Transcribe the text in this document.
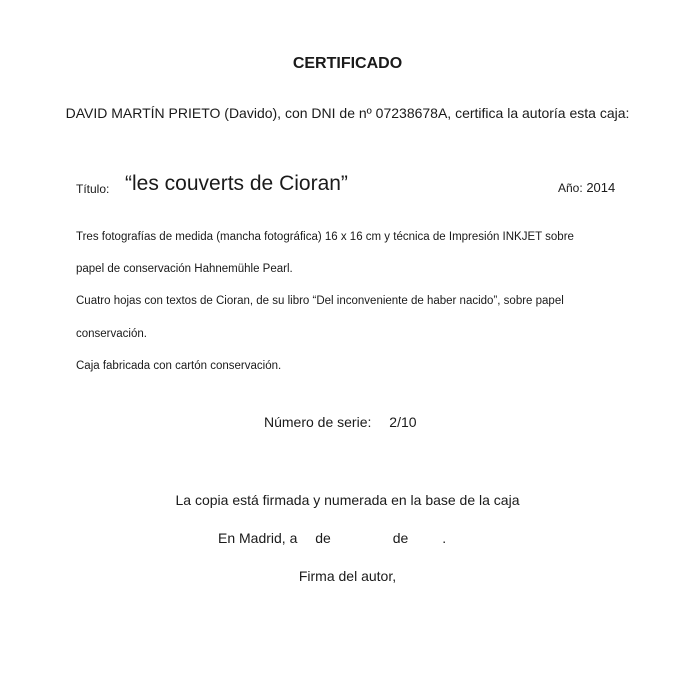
CERTIFICADO
DAVID MARTÍN PRIETO (Davido), con DNI de nº 07238678A, certifica la autoría esta caja:
Título: “les couverts de Cioran”	Año: 2014
Tres fotografías de medida (mancha fotográfica) 16 x 16 cm y técnica de Impresión INKJET sobre
papel de conservación Hahnemühle Pearl.
Cuatro hojas con textos de Cioran, de su libro “Del inconveniente de haber nacido”, sobre papel
conservación.
Caja fabricada con cartón conservación.
Número de serie: 2/10
La copia está firmada y numerada en la base de la caja
En Madrid, a de	de .
Firma del autor,
